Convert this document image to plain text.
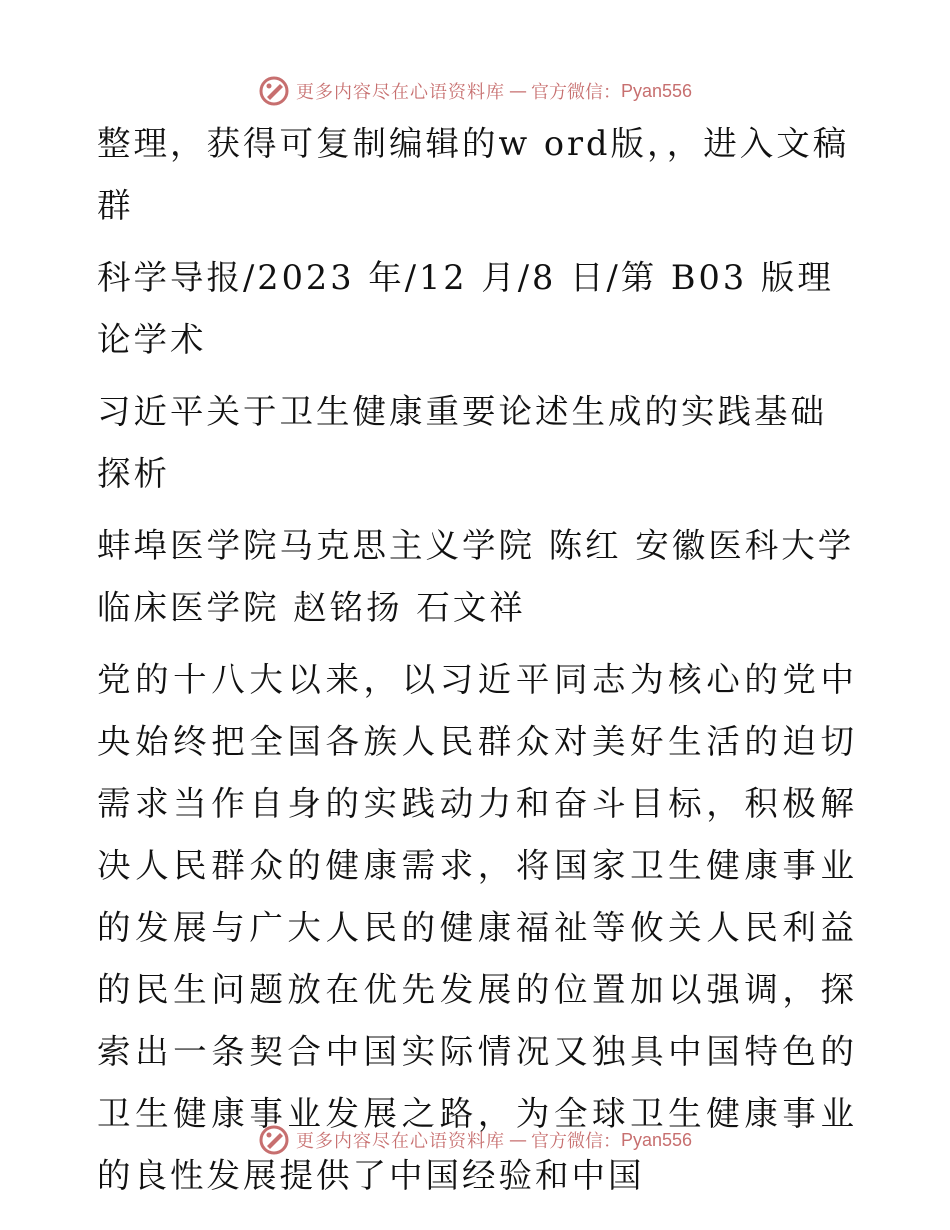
更多内容尽在心语资料库 — 官方微信： Pyan556

整理，获得可复制编辑的w ord版，，进入文稿群

科学导报/2023 年/12 月/8 日/第 B03 版理论学术

习近平关于卫生健康重要论述生成的实践基础探析

蚌埠医学院马克思主义学院 陈红 安徽医科大学临床医学院 赵铭扬 石文祥

党的十八大以来，以习近平同志为核心的党中央始终把全国各族人民群众对美好生活的迫切需求当作自身的实践动力和奋斗目标，积极解决人民群众的健康需求，将国家卫生健康事业的发展与广大人民的健康福祉等攸关人民利益的民生问题放在优先发展的位置加以强调，探索出一条契合中国实际情况又独具中国特色的卫生健康事业发展之路，为全球卫生健康事业的良性发展提供了中国经验和中国

更多内容尽在心语资料库 — 官方微信： Pyan556
